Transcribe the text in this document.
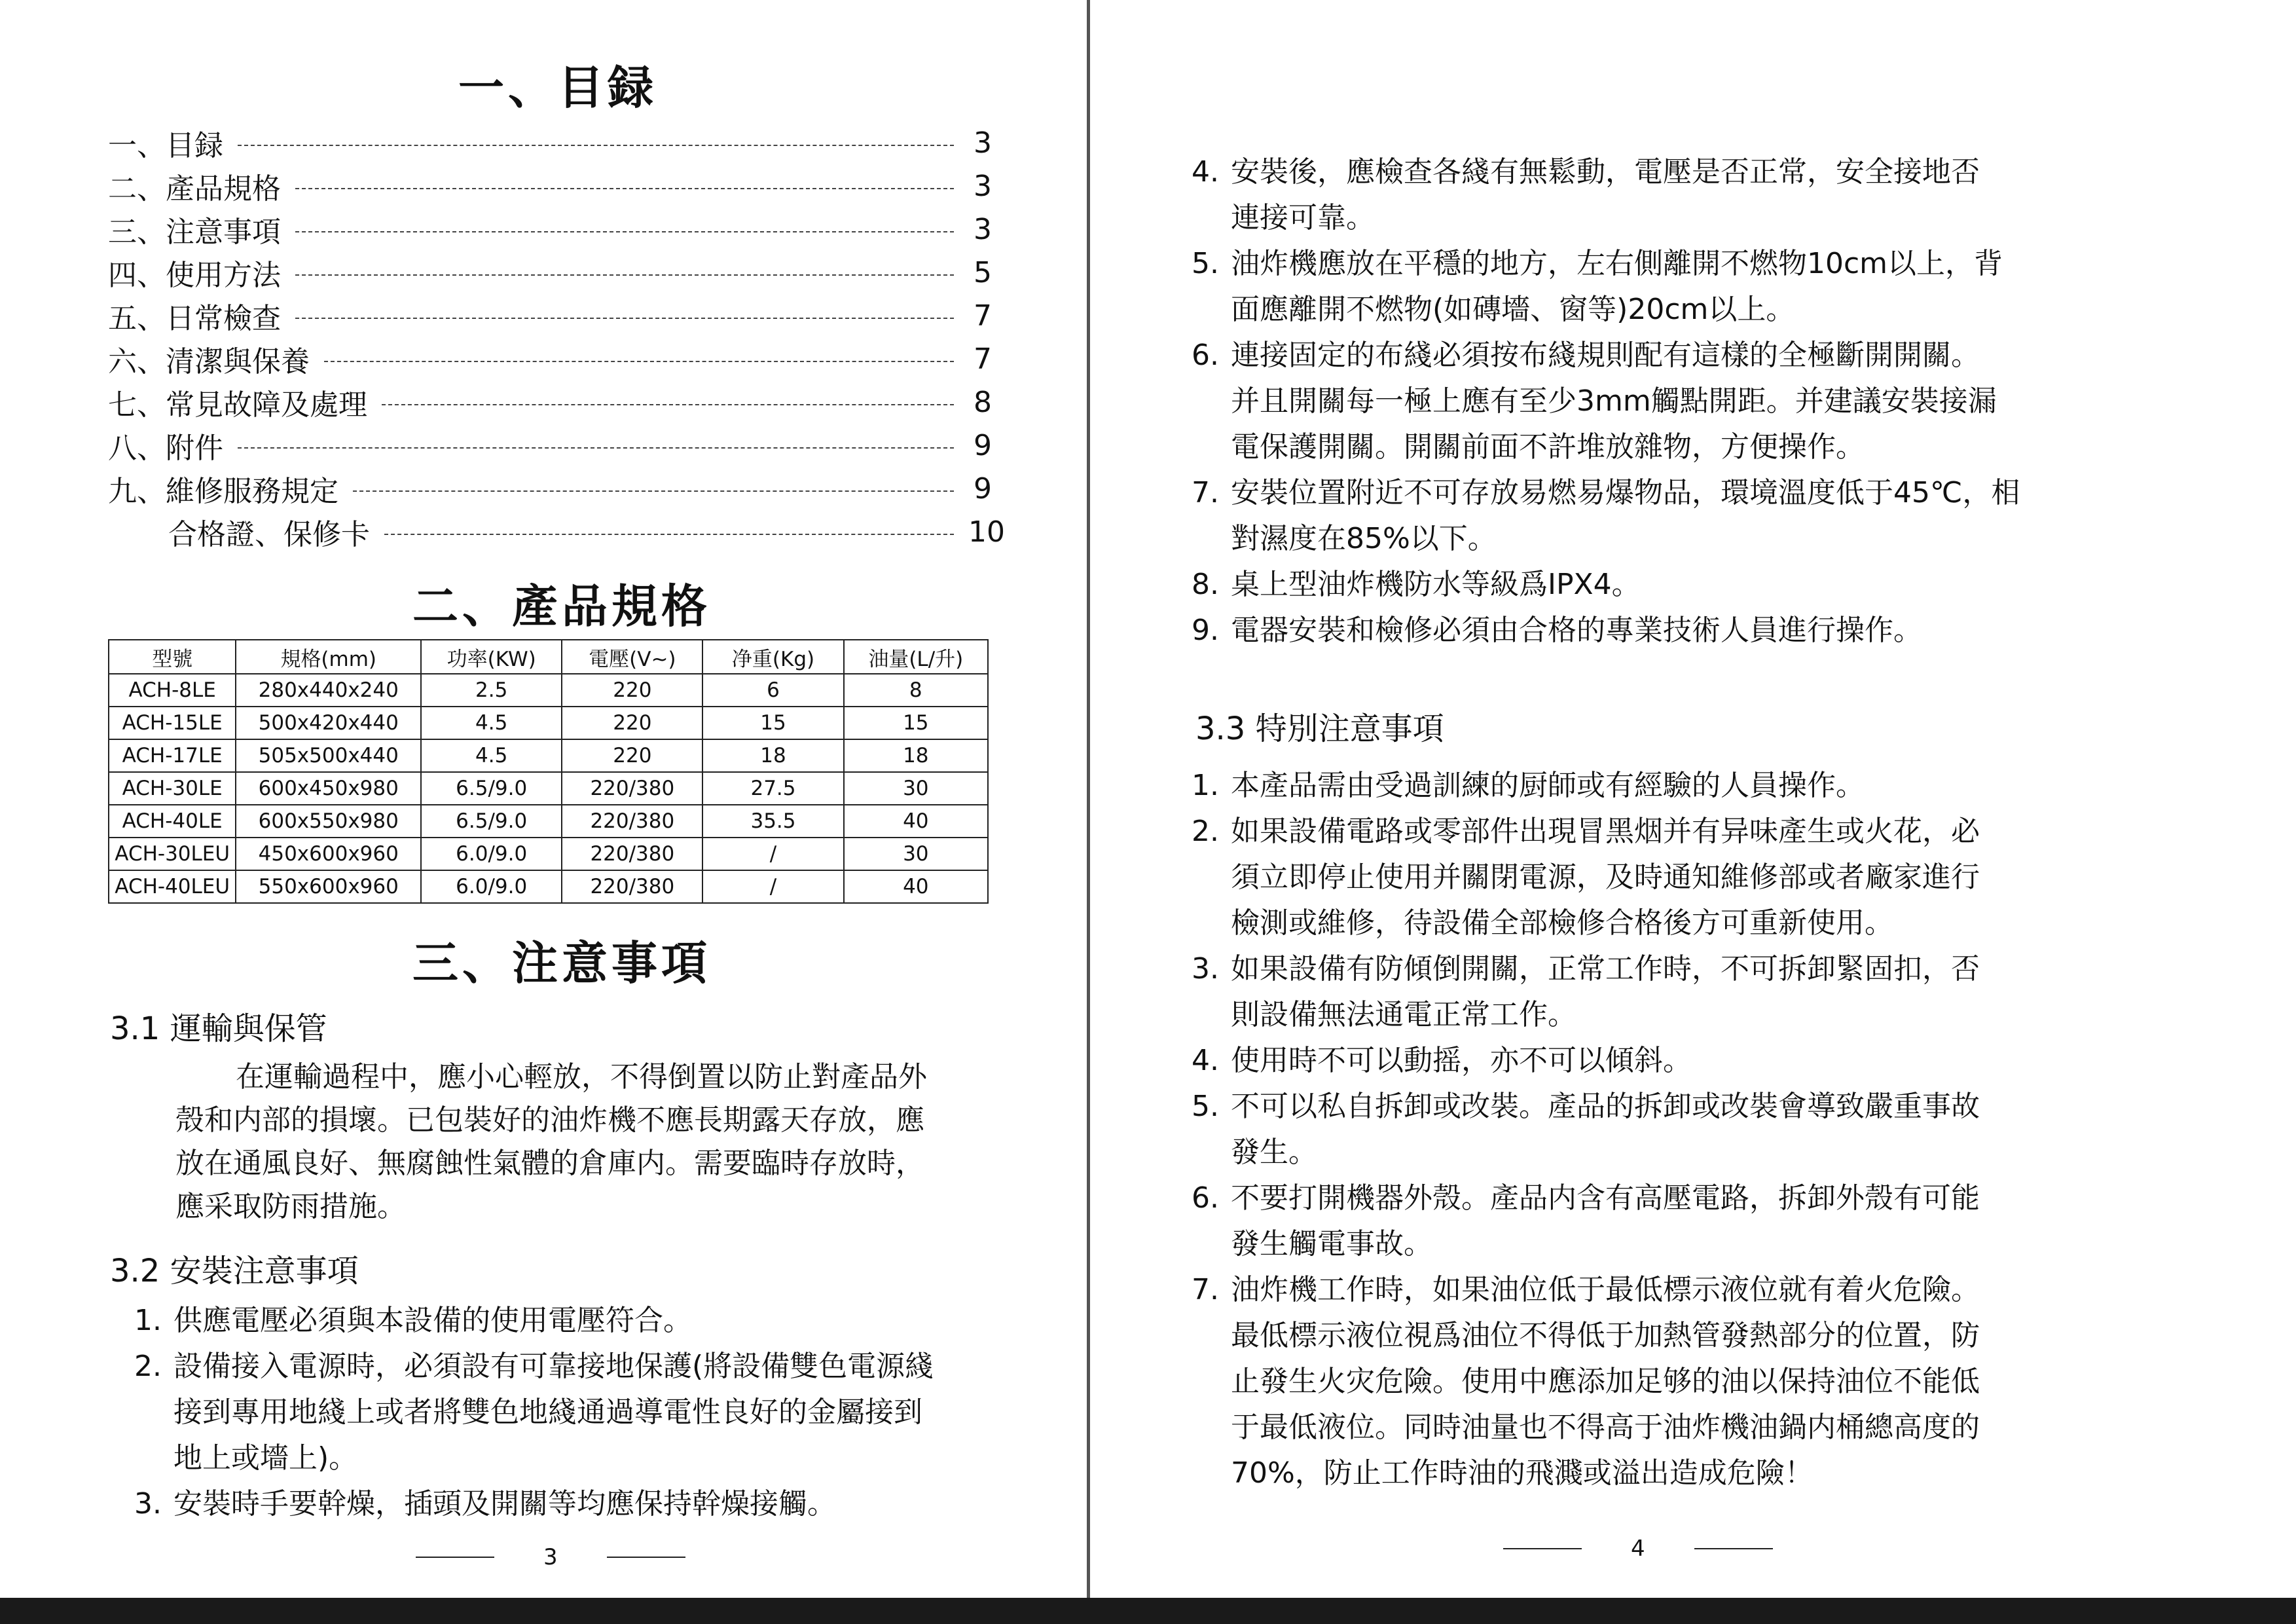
一、目録
一、目録	3
二、產品規格	3
三、注意事項	3
四、使用方法	5
五、日常檢查	7
六、清潔與保養	7
七、常見故障及處理	8
八、附件	9
九、維修服務規定	9
合格證、保修卡	10
二、產品規格
型號	規格(mm)	功率(KW)	電壓(V~)	净重(Kg)	油量(L/升)
ACH-8LE	280x440x240	2.5	220	6	8
ACH-15LE	500x420x440	4.5	220	15	15
ACH-17LE	505x500x440	4.5	220	18	18
ACH-30LE	600x450x980	6.5/9.0	220/380	27.5	30
ACH-40LE	600x550x980	6.5/9.0	220/380	35.5	40
ACH-30LEU	450x600x960	6.0/9.0	220/380	/	30
ACH-40LEU	550x600x960	6.0/9.0	220/380	/	40
三、注意事項
3.1 運輸與保管
在運輸過程中，應小心輕放，不得倒置以防止對產品外
殼和内部的損壞。已包裝好的油炸機不應長期露天存放，應
放在通風良好、無腐蝕性氣體的倉庫内。需要臨時存放時，
應采取防雨措施。
3.2 安裝注意事項
1. 供應電壓必須與本設備的使用電壓符合。
2. 設備接入電源時，必須設有可靠接地保護(將設備雙色電源綫
接到專用地綫上或者將雙色地綫通過導電性良好的金屬接到
地上或墻上)。
3. 安裝時手要幹燥，插頭及開關等均應保持幹燥接觸。
3
4. 安裝後，應檢查各綫有無鬆動，電壓是否正常，安全接地否
連接可靠。
5. 油炸機應放在平穩的地方，左右側離開不燃物10cm以上，背
面應離開不燃物(如磚墻、窗等)20cm以上。
6. 連接固定的布綫必須按布綫規則配有這樣的全極斷開開關。
并且開關每一極上應有至少3mm觸點開距。并建議安裝接漏
電保護開關。開關前面不許堆放雜物，方便操作。
7. 安裝位置附近不可存放易燃易爆物品，環境溫度低于45℃，相
對濕度在85%以下。
8. 桌上型油炸機防水等級爲IPX4。
9. 電器安裝和檢修必須由合格的專業技術人員進行操作。
3.3 特別注意事項
1. 本產品需由受過訓練的厨師或有經驗的人員操作。
2. 如果設備電路或零部件出現冒黑烟并有异味產生或火花，必
須立即停止使用并關閉電源，及時通知維修部或者廠家進行
檢測或維修，待設備全部檢修合格後方可重新使用。
3. 如果設備有防傾倒開關，正常工作時，不可拆卸緊固扣，否
則設備無法通電正常工作。
4. 使用時不可以動摇，亦不可以傾斜。
5. 不可以私自拆卸或改裝。產品的拆卸或改裝會導致嚴重事故
發生。
6. 不要打開機器外殼。產品内含有高壓電路，拆卸外殼有可能
發生觸電事故。
7. 油炸機工作時，如果油位低于最低標示液位就有着火危險。
最低標示液位視爲油位不得低于加熱管發熱部分的位置，防
止發生火灾危險。使用中應添加足够的油以保持油位不能低
于最低液位。同時油量也不得高于油炸機油鍋内桶總高度的
70%，防止工作時油的飛濺或溢出造成危險！
4
